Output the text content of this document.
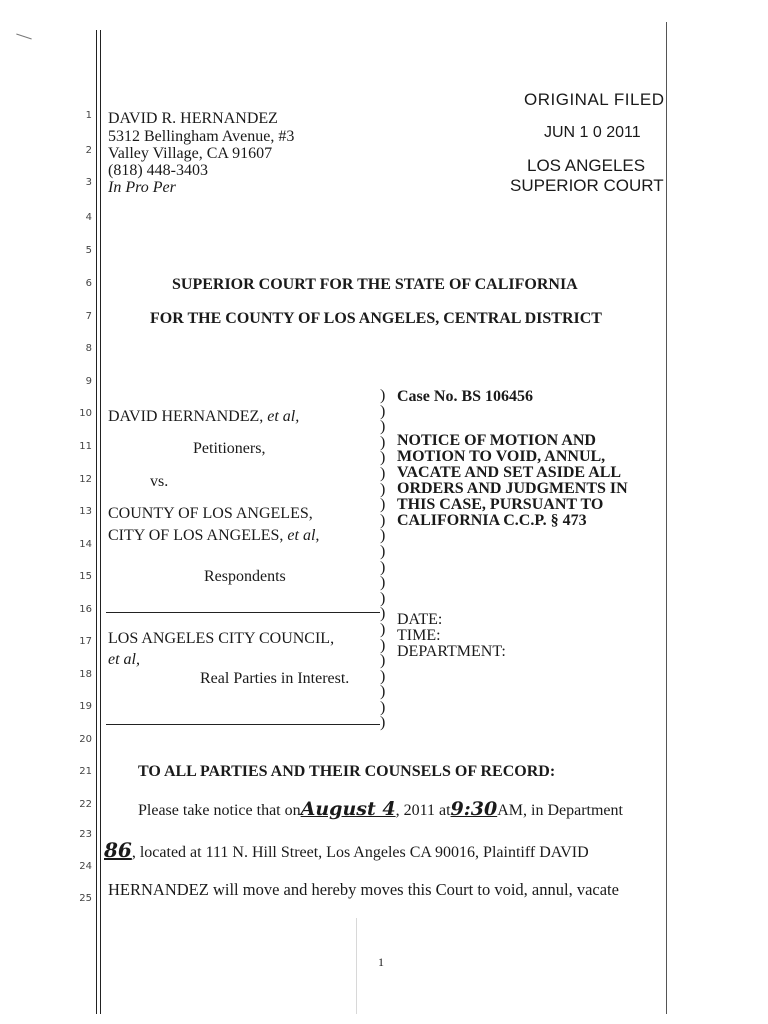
1
2
3
4
5
6
7
8
9
10
11
12
13
14
15
16
17
18
19
20
21
22
23
24
25
DAVID R. HERNANDEZ
5312 Bellingham Avenue, #3
Valley Village, CA 91607
(818) 448-3403
In Pro Per
ORIGINAL FILED
JUN 1 0 2011
LOS ANGELES
SUPERIOR COURT
SUPERIOR COURT FOR THE STATE OF CALIFORNIA
FOR THE COUNTY OF LOS ANGELES, CENTRAL DISTRICT
DAVID HERNANDEZ, et al,
Petitioners,
vs.
COUNTY OF LOS ANGELES,
CITY OF LOS ANGELES, et al,
Respondents
LOS ANGELES CITY COUNCIL,
et al,
Real Parties in Interest.
)
)
)
)
)
)
)
)
)
)
)
)
)
)
)
)
)
)
)
)
)
)
Case No. BS 106456
NOTICE OF MOTION AND
MOTION TO VOID, ANNUL,
VACATE AND SET ASIDE ALL
ORDERS AND JUDGMENTS IN
THIS CASE, PURSUANT TO
CALIFORNIA C.C.P. § 473
DATE:
TIME:
DEPARTMENT:
TO ALL PARTIES AND THEIR COUNSELS OF RECORD:
Please take notice that onAugust 4, 2011 at9:30AM, in Department
86, located at 111 N. Hill Street, Los Angeles CA 90016, Plaintiff DAVID
HERNANDEZ will move and hereby moves this Court to void, annul, vacate
1
